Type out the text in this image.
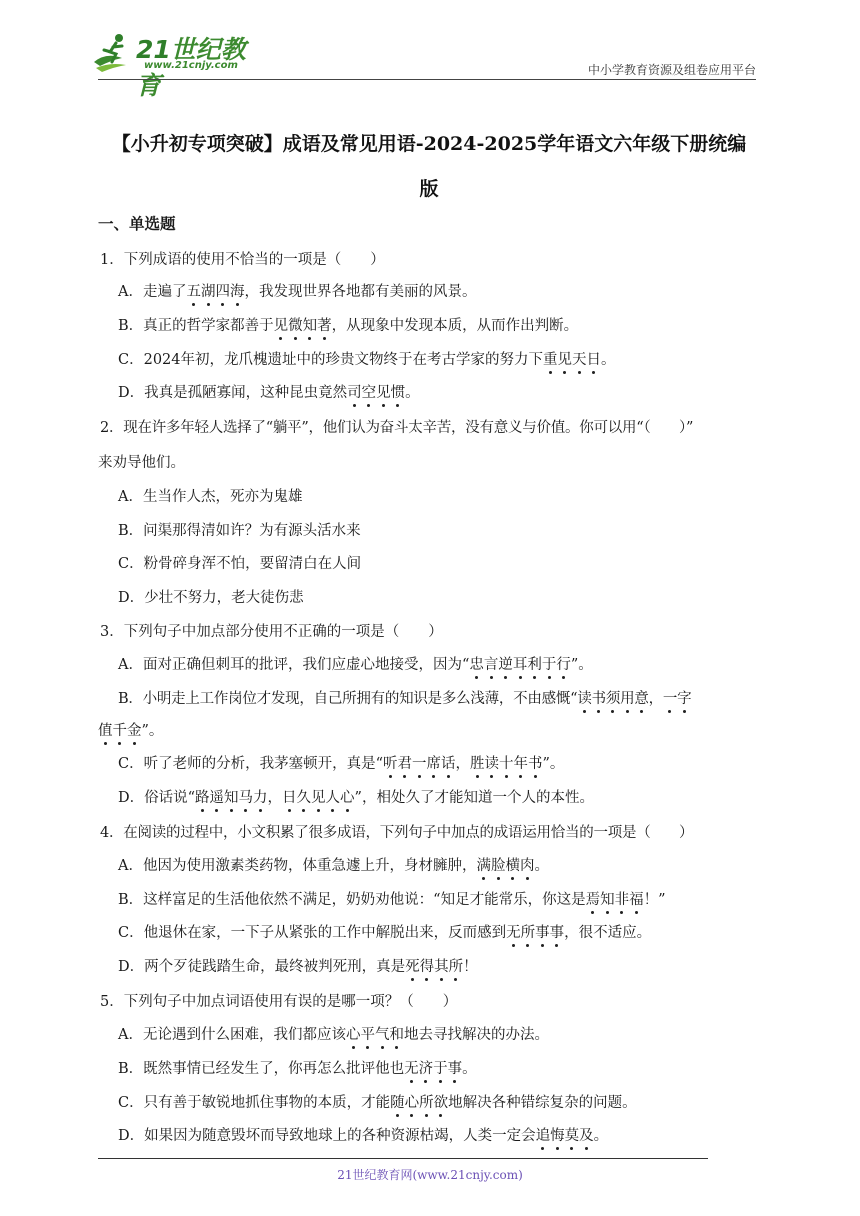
21世纪教育
www.21cnjy.com	中小学教育资源及组卷应用平台
【小升初专项突破】成语及常见用语-2024-2025学年语文六年级下册统编
版
一、单选题
1．下列成语的使用不恰当的一项是（　　）
A．走遍了五湖四海，我发现世界各地都有美丽的风景。
B．真正的哲学家都善于见微知著，从现象中发现本质，从而作出判断。
C．2024年初，龙爪槐遗址中的珍贵文物终于在考古学家的努力下重见天日。
D．我真是孤陋寡闻，这种昆虫竟然司空见惯。
2．现在许多年轻人选择了“躺平”，他们认为奋斗太辛苦，没有意义与价值。你可以用“（　　）”
来劝导他们。
A．生当作人杰，死亦为鬼雄
B．问渠那得清如许？为有源头活水来
C．粉骨碎身浑不怕，要留清白在人间
D．少壮不努力，老大徒伤悲
3．下列句子中加点部分使用不正确的一项是（　　）
A．面对正确但刺耳的批评，我们应虚心地接受，因为“忠言逆耳利于行”。
B．小明走上工作岗位才发现，自己所拥有的知识是多么浅薄，不由感慨“读书须用意，一字
值千金”。
C．听了老师的分析，我茅塞顿开，真是“听君一席话，胜读十年书”。
D．俗话说“路遥知马力，日久见人心”，相处久了才能知道一个人的本性。
4．在阅读的过程中，小文积累了很多成语，下列句子中加点的成语运用恰当的一项是（　　）
A．他因为使用激素类药物，体重急遽上升，身材臃肿，满脸横肉。
B．这样富足的生活他依然不满足，奶奶劝他说：“知足才能常乐，你这是焉知非福！”
C．他退休在家，一下子从紧张的工作中解脱出来，反而感到无所事事，很不适应。
D．两个歹徒践踏生命，最终被判死刑，真是死得其所！
5．下列句子中加点词语使用有误的是哪一项？（　　）
A．无论遇到什么困难，我们都应该心平气和地去寻找解决的办法。
B．既然事情已经发生了，你再怎么批评他也无济于事。
C．只有善于敏锐地抓住事物的本质，才能随心所欲地解决各种错综复杂的问题。
D．如果因为随意毁坏而导致地球上的各种资源枯竭，人类一定会追悔莫及。
21世纪教育网(www.21cnjy.com)
